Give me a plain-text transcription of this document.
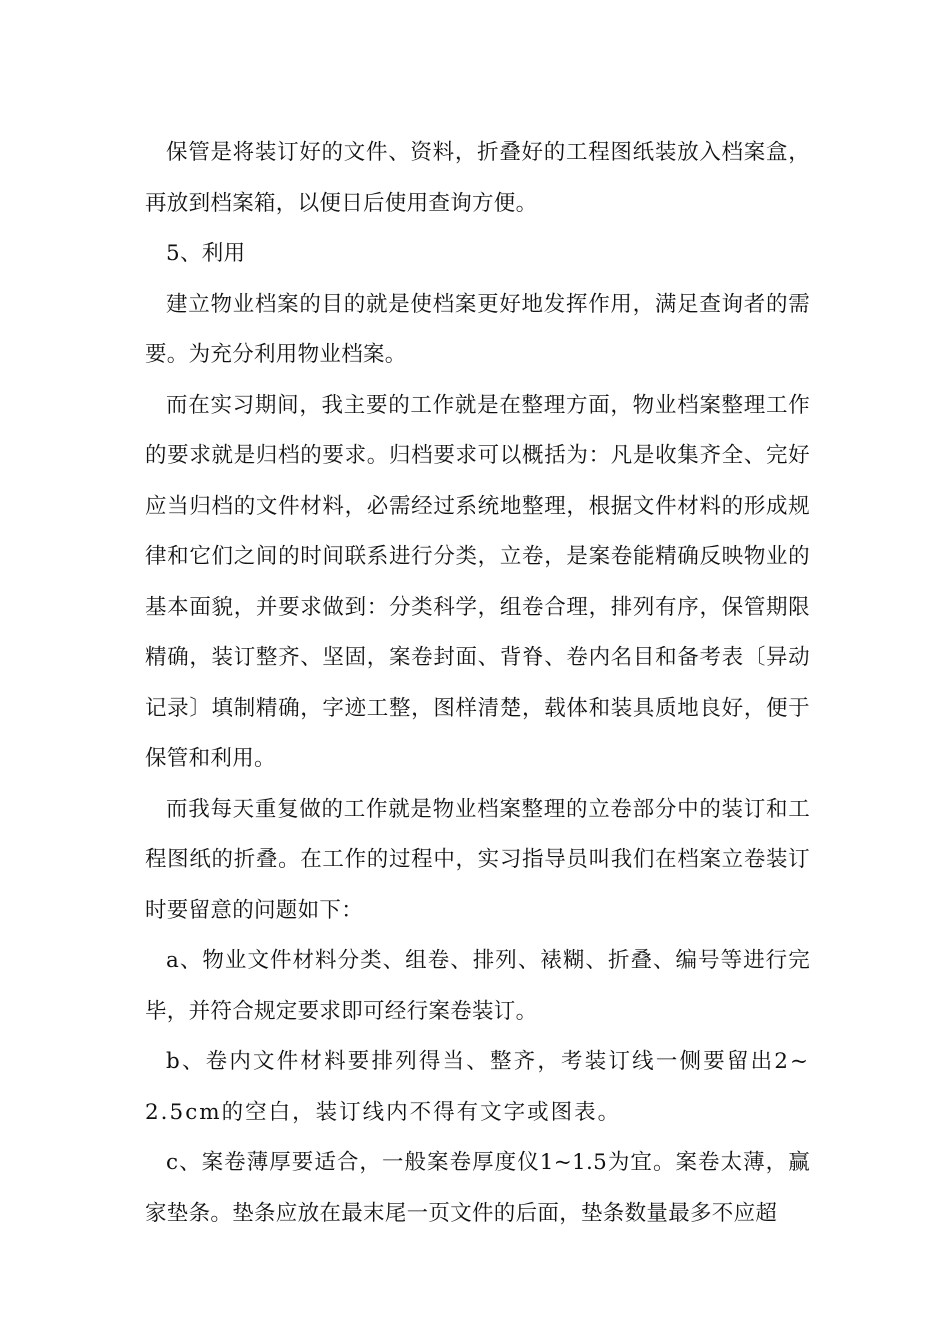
保管是将装订好的文件、资料，折叠好的工程图纸装放入档案盒，再放到档案箱，以便日后使用查询方便。

5、利用

建立物业档案的目的就是使档案更好地发挥作用，满足查询者的需要。为充分利用物业档案。

而在实习期间，我主要的工作就是在整理方面，物业档案整理工作的要求就是归档的要求。归档要求可以概括为：凡是收集齐全、完好应当归档的文件材料，必需经过系统地整理，根据文件材料的形成规律和它们之间的时间联系进行分类，立卷，是案卷能精确反映物业的基本面貌，并要求做到：分类科学，组卷合理，排列有序，保管期限精确，装订整齐、坚固，案卷封面、背脊、卷内名目和备考表〔异动记录〕填制精确，字迹工整，图样清楚，载体和装具质地良好，便于保管和利用。

而我每天重复做的工作就是物业档案整理的立卷部分中的装订和工程图纸的折叠。在工作的过程中，实习指导员叫我们在档案立卷装订时要留意的问题如下：

a、物业文件材料分类、组卷、排列、裱糊、折叠、编号等进行完毕，并符合规定要求即可经行案卷装订。

b、卷内文件材料要排列得当、整齐，考装订线一侧要留出2~2.5cm的空白，装订线内不得有文字或图表。

c、案卷薄厚要适合，一般案卷厚度仪1~1.5为宜。案卷太薄，赢家垫条。垫条应放在最末尾一页文件的后面，垫条数量最多不应超
